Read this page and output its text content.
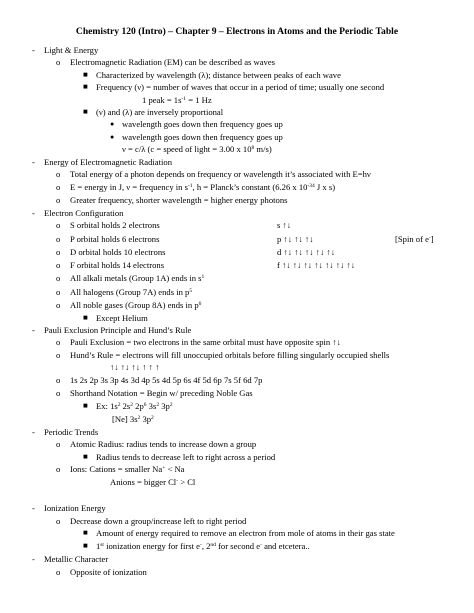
Chemistry 120 (Intro) – Chapter 9 – Electrons in Atoms and the Periodic Table
- Light & Energy
o Electromagnetic Radiation (EM) can be described as waves
■ Characterized by wavelength (λ); distance between peaks of each wave
■ Frequency (ν) = number of waves that occur in a period of time; usually one second
1 peak = $1s^{-1} = 1$ Hz
■ (ν) and (λ) are inversely proportional
● wavelength goes down then frequency goes up
● wavelength goes down then frequency goes up
ν = c/λ (c = speed of light = 3.00 x $10^8$ m/s)
- Energy of Electromagnetic Radiation
o Total energy of a photon depends on frequency or wavelength it’s associated with E=hν
o E = energy in J, ν = frequency in $s^{-1}$, h = Planck’s constant (6.26 x $10^{-34}$ J x s)
o Greater frequency, shorter wavelength = higher energy photons
- Electron Configuration
o S orbital holds 2 electrons	s ↑↓
o P orbital holds 6 electrons	p ↑↓ ↑↓ ↑↓	[Spin of e-]
o D orbital holds 10 electrons	d ↑↓ ↑↓ ↑↓ ↑↓ ↑↓
o F orbital holds 14 electrons	f ↑↓ ↑↓ ↑↓ ↑↓ ↑↓ ↑↓ ↑↓
o All alkali metals (Group 1A) ends in $s^1$
o All halogens (Group 7A) ends in $p^5$
o All noble gases (Group 8A) ends in $p^6$
■ Except Helium
- Pauli Exclusion Principle and Hund’s Rule
o Pauli Exclusion = two electrons in the same orbital must have opposite spin ↑↓
o Hund’s Rule = electrons will fill unoccupied orbitals before filling singularly occupied shells
↑↓ ↑↓ ↑↓ ↑ ↑ ↑
o 1s 2s 2p 3s 3p 4s 3d 4p 5s 4d 5p 6s 4f 5d 6p 7s 5f 6d 7p
o Shorthand Notation = Begin w/ preceding Noble Gas
■ Ex: $1s^2$ $2s^2$ $2p^6$ $3s^2$ $3p^2$
[Ne] $3s^2$ $3p^2$
- Periodic Trends
o Atomic Radius: radius tends to increase down a group
■ Radius tends to decrease left to right across a period
o Ions: Cations = smaller Na+ < Na
Anions = bigger Cl- > Cl
- Ionization Energy
o Decrease down a group/increase left to right period
■ Amount of energy required to remove an electron from mole of atoms in their gas state
■ 1st ionization energy for first e-, 2nd for second e- and etcetera..
- Metallic Character
o Opposite of ionization
